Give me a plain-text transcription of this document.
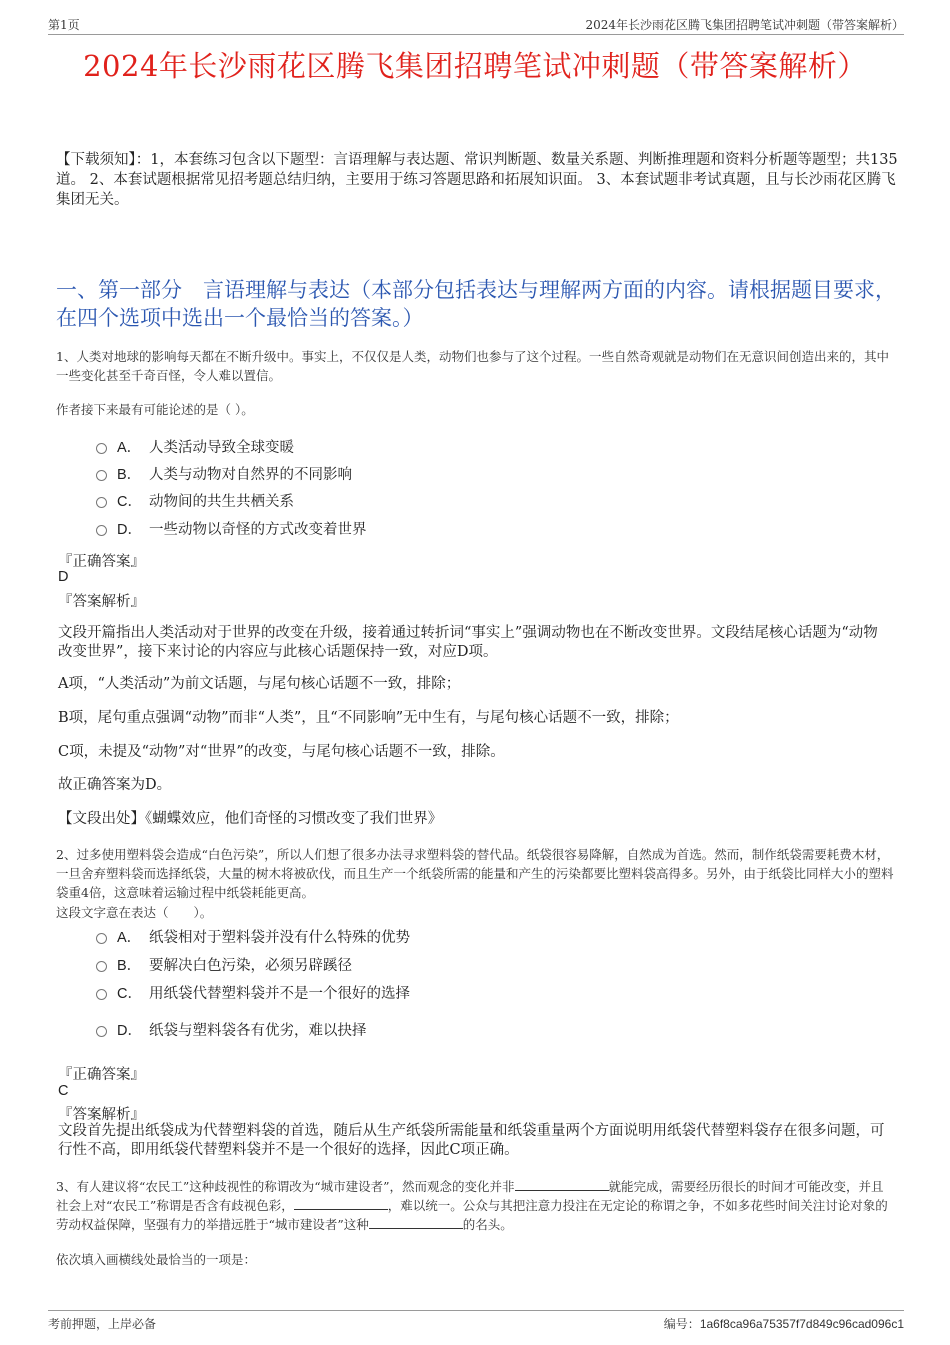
第1页	2024年长沙雨花区腾飞集团招聘笔试冲刺题（带答案解析）
2024年长沙雨花区腾飞集团招聘笔试冲刺题（带答案解析）
【下载须知】：1，本套练习包含以下题型：言语理解与表达题、常识判断题、数量关系题、判断推理题和资料分析题等题型；共135道。 2、本套试题根据常见招考题总结归纳，主要用于练习答题思路和拓展知识面。 3、本套试题非考试真题，且与长沙雨花区腾飞集团无关。
一、第一部分　言语理解与表达（本部分包括表达与理解两方面的内容。请根据题目要求，在四个选项中选出一个最恰当的答案。）
1、人类对地球的影响每天都在不断升级中。事实上，不仅仅是人类，动物们也参与了这个过程。一些自然奇观就是动物们在无意识间创造出来的，其中一些变化甚至千奇百怪，令人难以置信。
作者接下来最有可能论述的是（ ）。
A． 人类活动导致全球变暖
B． 人类与动物对自然界的不同影响
C． 动物间的共生共栖关系
D． 一些动物以奇怪的方式改变着世界
『正确答案』
D
『答案解析』
文段开篇指出人类活动对于世界的改变在升级，接着通过转折词“事实上”强调动物也在不断改变世界。文段结尾核心话题为“动物改变世界”，接下来讨论的内容应与此核心话题保持一致，对应D项。
A项，“人类活动”为前文话题，与尾句核心话题不一致，排除；
B项，尾句重点强调“动物”而非“人类”，且“不同影响”无中生有，与尾句核心话题不一致，排除；
C项，未提及“动物”对“世界”的改变，与尾句核心话题不一致，排除。
故正确答案为D。
【文段出处】《蝴蝶效应，他们奇怪的习惯改变了我们世界》
2、过多使用塑料袋会造成“白色污染”，所以人们想了很多办法寻求塑料袋的替代品。纸袋很容易降解，自然成为首选。然而，制作纸袋需要耗费木材，一旦舍弃塑料袋而选择纸袋，大量的树木将被砍伐，而且生产一个纸袋所需的能量和产生的污染都要比塑料袋高得多。另外，由于纸袋比同样大小的塑料袋重4倍，这意味着运输过程中纸袋耗能更高。
这段文字意在表达（　　）。
A． 纸袋相对于塑料袋并没有什么特殊的优势
B． 要解决白色污染，必须另辟蹊径
C． 用纸袋代替塑料袋并不是一个很好的选择
D． 纸袋与塑料袋各有优劣，难以抉择
『正确答案』
C
『答案解析』
文段首先提出纸袋成为代替塑料袋的首选，随后从生产纸袋所需能量和纸袋重量两个方面说明用纸袋代替塑料袋存在很多问题，可行性不高，即用纸袋代替塑料袋并不是一个很好的选择，因此C项正确。
3、有人建议将“农民工”这种歧视性的称谓改为“城市建设者”，然而观念的变化并非	就能完成，需要经历很长的时间才可能改变，并且社会上对“农民工”称谓是否含有歧视色彩，	，难以统一。公众与其把注意力投注在无定论的称谓之争，不如多花些时间关注讨论对象的劳动权益保障，坚强有力的举措远胜于“城市建设者”这种	的名头。
依次填入画横线处最恰当的一项是：
考前押题，上岸必备	编号：1a6f8ca96a75357f7d849c96cad096c1
